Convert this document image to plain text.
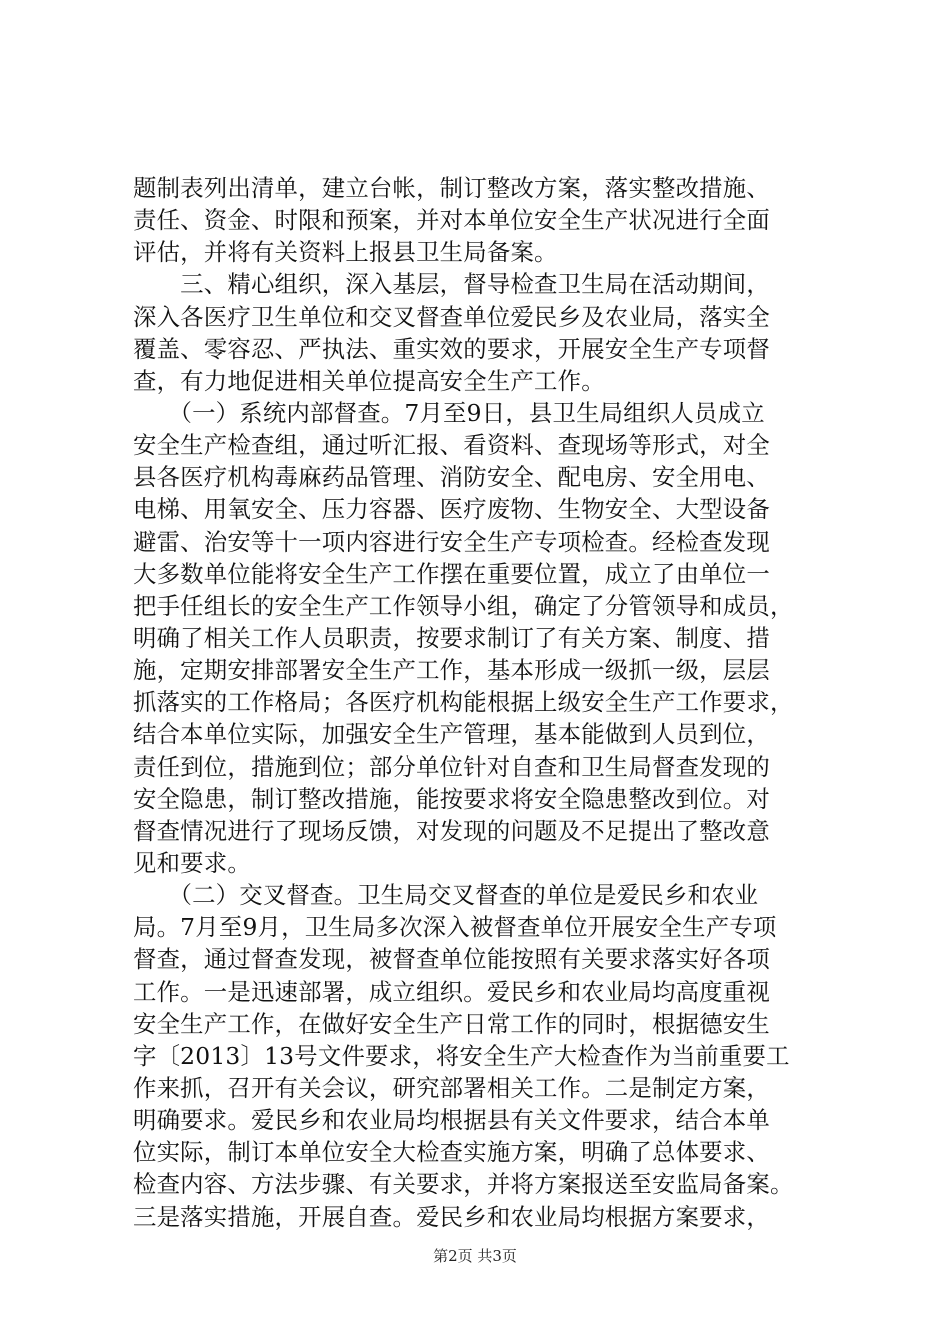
题制表列出清单，建立台帐，制订整改方案，落实整改措施、
责任、资金、时限和预案，并对本单位安全生产状况进行全面
评估，并将有关资料上报县卫生局备案。
　　三、精心组织，深入基层，督导检查卫生局在活动期间，
深入各医疗卫生单位和交叉督查单位爱民乡及农业局，落实全
覆盖、零容忍、严执法、重实效的要求，开展安全生产专项督
查，有力地促进相关单位提高安全生产工作。
　　（一）系统内部督查。7月至9日，县卫生局组织人员成立
安全生产检查组，通过听汇报、看资料、查现场等形式，对全
县各医疗机构毒麻药品管理、消防安全、配电房、安全用电、
电梯、用氧安全、压力容器、医疗废物、生物安全、大型设备
避雷、治安等十一项内容进行安全生产专项检查。经检查发现
大多数单位能将安全生产工作摆在重要位置，成立了由单位一
把手任组长的安全生产工作领导小组，确定了分管领导和成员，
明确了相关工作人员职责，按要求制订了有关方案、制度、措
施，定期安排部署安全生产工作，基本形成一级抓一级，层层
抓落实的工作格局；各医疗机构能根据上级安全生产工作要求，
结合本单位实际，加强安全生产管理，基本能做到人员到位，
责任到位，措施到位；部分单位针对自查和卫生局督查发现的
安全隐患，制订整改措施，能按要求将安全隐患整改到位。对
督查情况进行了现场反馈，对发现的问题及不足提出了整改意
见和要求。
　　（二）交叉督查。卫生局交叉督查的单位是爱民乡和农业
局。7月至9月，卫生局多次深入被督查单位开展安全生产专项
督查，通过督查发现，被督查单位能按照有关要求落实好各项
工作。一是迅速部署，成立组织。爱民乡和农业局均高度重视
安全生产工作，在做好安全生产日常工作的同时，根据德安生
字〔2013〕13号文件要求，将安全生产大检查作为当前重要工
作来抓，召开有关会议，研究部署相关工作。二是制定方案，
明确要求。爱民乡和农业局均根据县有关文件要求，结合本单
位实际，制订本单位安全大检查实施方案，明确了总体要求、
检查内容、方法步骤、有关要求，并将方案报送至安监局备案。
三是落实措施，开展自查。爱民乡和农业局均根据方案要求，
第2页 共3页
